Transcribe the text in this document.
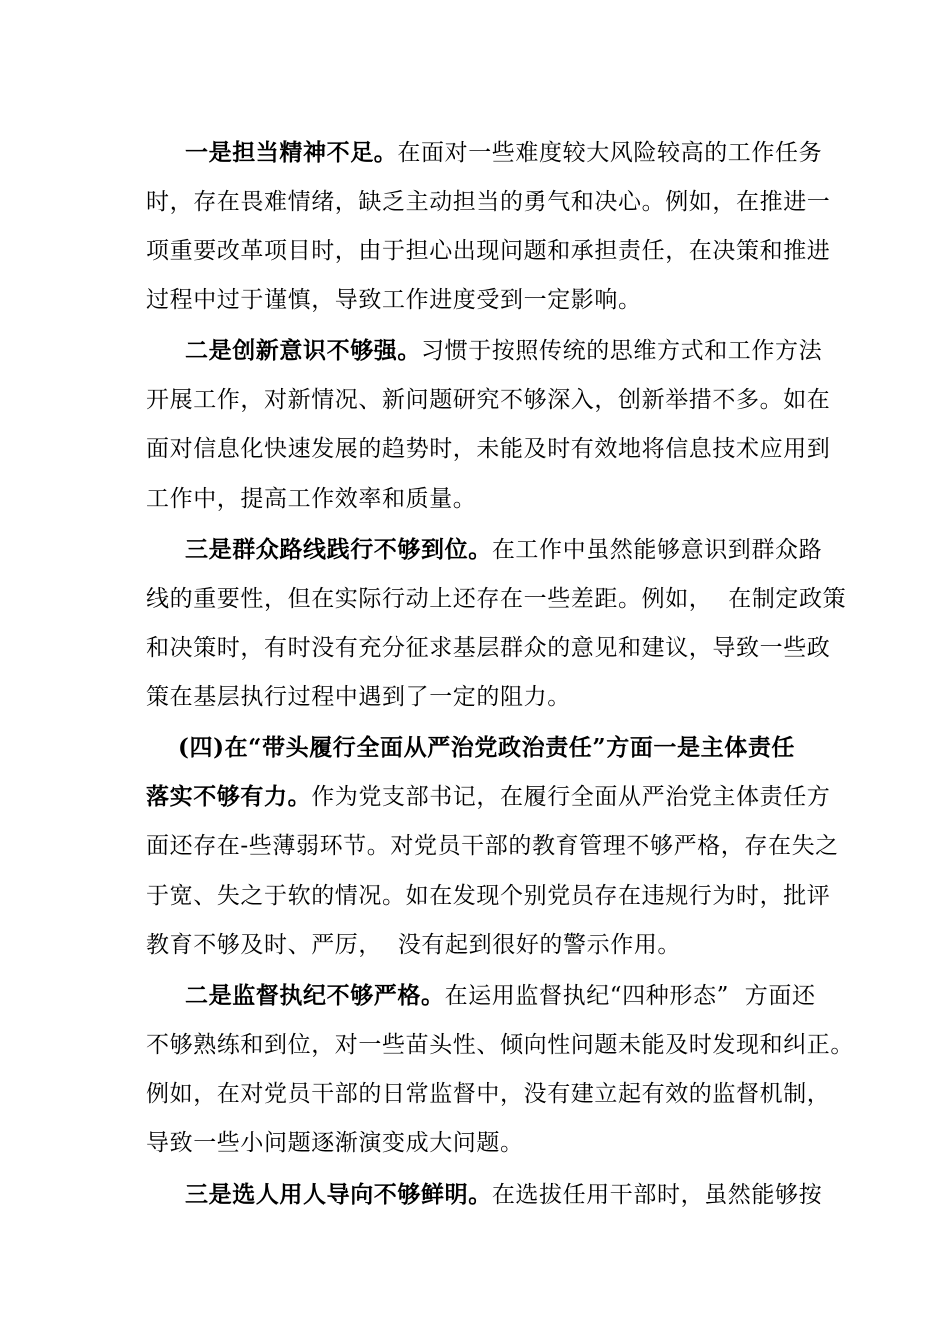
一是担当精神不足。在面对一些难度较大风险较高的工作任务

时，存在畏难情绪，缺乏主动担当的勇气和决心。例如，在推进一

项重要改革项目时，由于担心出现问题和承担责任，在决策和推进

过程中过于谨慎，导致工作进度受到一定影响。

二是创新意识不够强。习惯于按照传统的思维方式和工作方法

开展工作，对新情况、新问题研究不够深入，创新举措不多。如在

面对信息化快速发展的趋势时，未能及时有效地将信息技术应用到

工作中，提高工作效率和质量。

三是群众路线践行不够到位。在工作中虽然能够意识到群众路

线的重要性，但在实际行动上还存在一些差距。例如，  在制定政策

和决策时，有时没有充分征求基层群众的意见和建议，导致一些政

策在基层执行过程中遇到了一定的阻力。

(四)在“带头履行全面从严治党政治责任”方面一是主体责任

落实不够有力。作为党支部书记，在履行全面从严治党主体责任方

面还存在-些薄弱环节。对党员干部的教育管理不够严格，存在失之

于宽、失之于软的情况。如在发现个别党员存在违规行为时，批评

教育不够及时、严厉，  没有起到很好的警示作用。

二是监督执纪不够严格。在运用监督执纪“四种形态”  方面还

不够熟练和到位，对一些苗头性、倾向性问题未能及时发现和纠正。

例如，在对党员干部的日常监督中，没有建立起有效的监督机制，

导致一些小问题逐渐演变成大问题。

三是选人用人导向不够鲜明。在选拔任用干部时，虽然能够按
